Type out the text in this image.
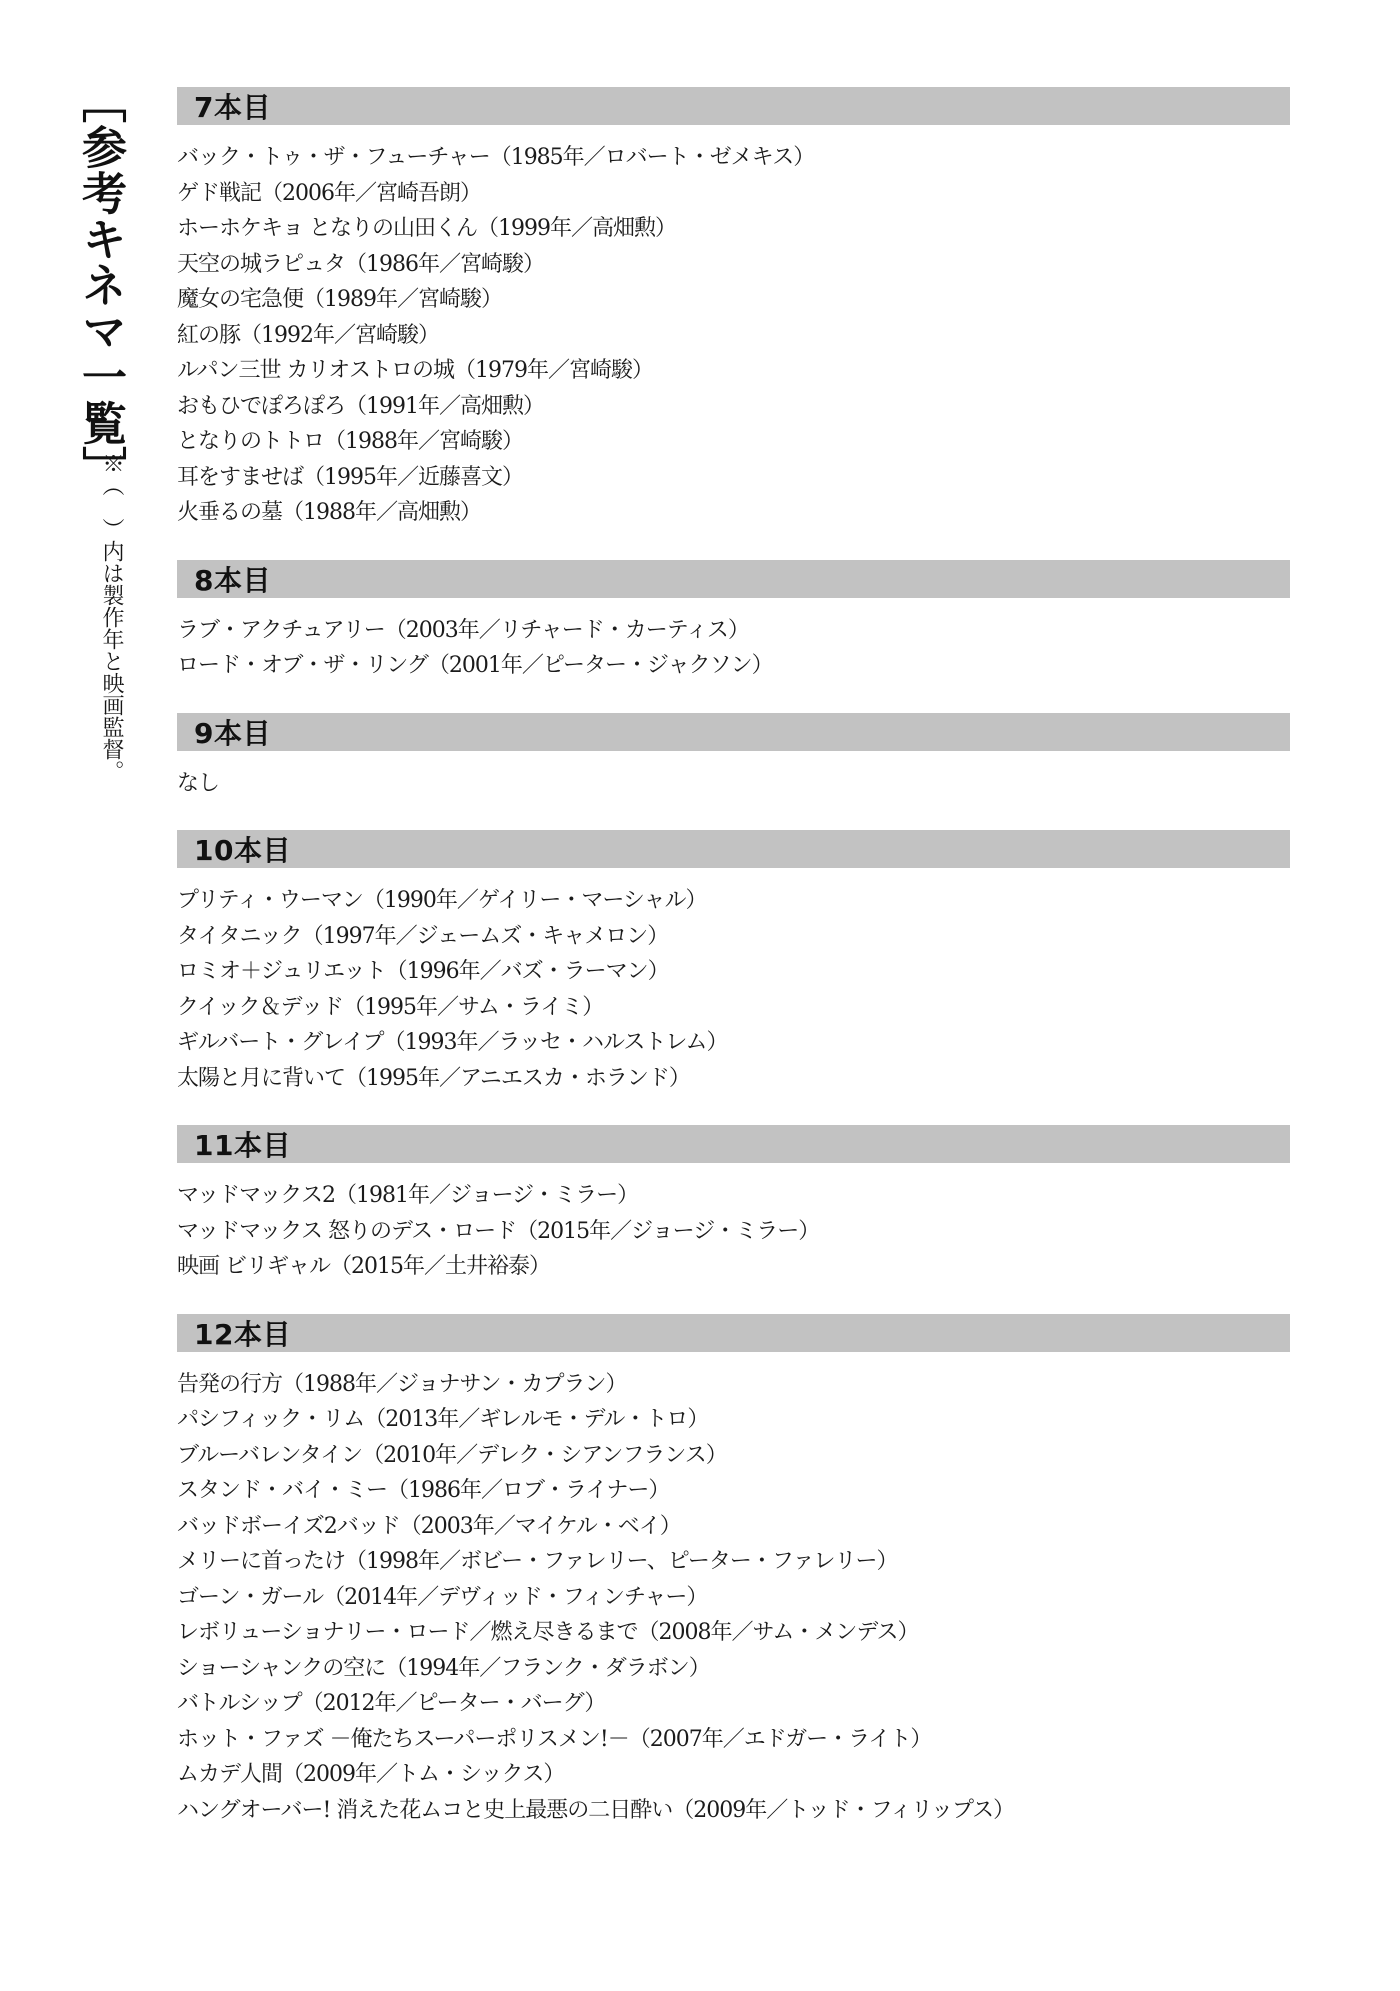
［参考キネマ一覧］
※（　）内は製作年と映画監督。
7本目
バック・トゥ・ザ・フューチャー（1985年／ロバート・ゼメキス）
ゲド戦記（2006年／宮崎吾朗）
ホーホケキョ となりの山田くん（1999年／高畑勲）
天空の城ラピュタ（1986年／宮崎駿）
魔女の宅急便（1989年／宮崎駿）
紅の豚（1992年／宮崎駿）
ルパン三世 カリオストロの城（1979年／宮崎駿）
おもひでぽろぽろ（1991年／高畑勲）
となりのトトロ（1988年／宮崎駿）
耳をすませば（1995年／近藤喜文）
火垂るの墓（1988年／高畑勲）
8本目
ラブ・アクチュアリー（2003年／リチャード・カーティス）
ロード・オブ・ザ・リング（2001年／ピーター・ジャクソン）
9本目
なし
10本目
プリティ・ウーマン（1990年／ゲイリー・マーシャル）
タイタニック（1997年／ジェームズ・キャメロン）
ロミオ＋ジュリエット（1996年／バズ・ラーマン）
クイック＆デッド（1995年／サム・ライミ）
ギルバート・グレイプ（1993年／ラッセ・ハルストレム）
太陽と月に背いて（1995年／アニエスカ・ホランド）
11本目
マッドマックス2（1981年／ジョージ・ミラー）
マッドマックス 怒りのデス・ロード（2015年／ジョージ・ミラー）
映画 ビリギャル（2015年／土井裕泰）
12本目
告発の行方（1988年／ジョナサン・カプラン）
パシフィック・リム（2013年／ギレルモ・デル・トロ）
ブルーバレンタイン（2010年／デレク・シアンフランス）
スタンド・バイ・ミー（1986年／ロブ・ライナー）
バッドボーイズ2バッド（2003年／マイケル・ベイ）
メリーに首ったけ（1998年／ボビー・ファレリー、ピーター・ファレリー）
ゴーン・ガール（2014年／デヴィッド・フィンチャー）
レボリューショナリー・ロード／燃え尽きるまで（2008年／サム・メンデス）
ショーシャンクの空に（1994年／フランク・ダラボン）
バトルシップ（2012年／ピーター・バーグ）
ホット・ファズ －俺たちスーパーポリスメン!－（2007年／エドガー・ライト）
ムカデ人間（2009年／トム・シックス）
ハングオーバー! 消えた花ムコと史上最悪の二日酔い（2009年／トッド・フィリップス）
